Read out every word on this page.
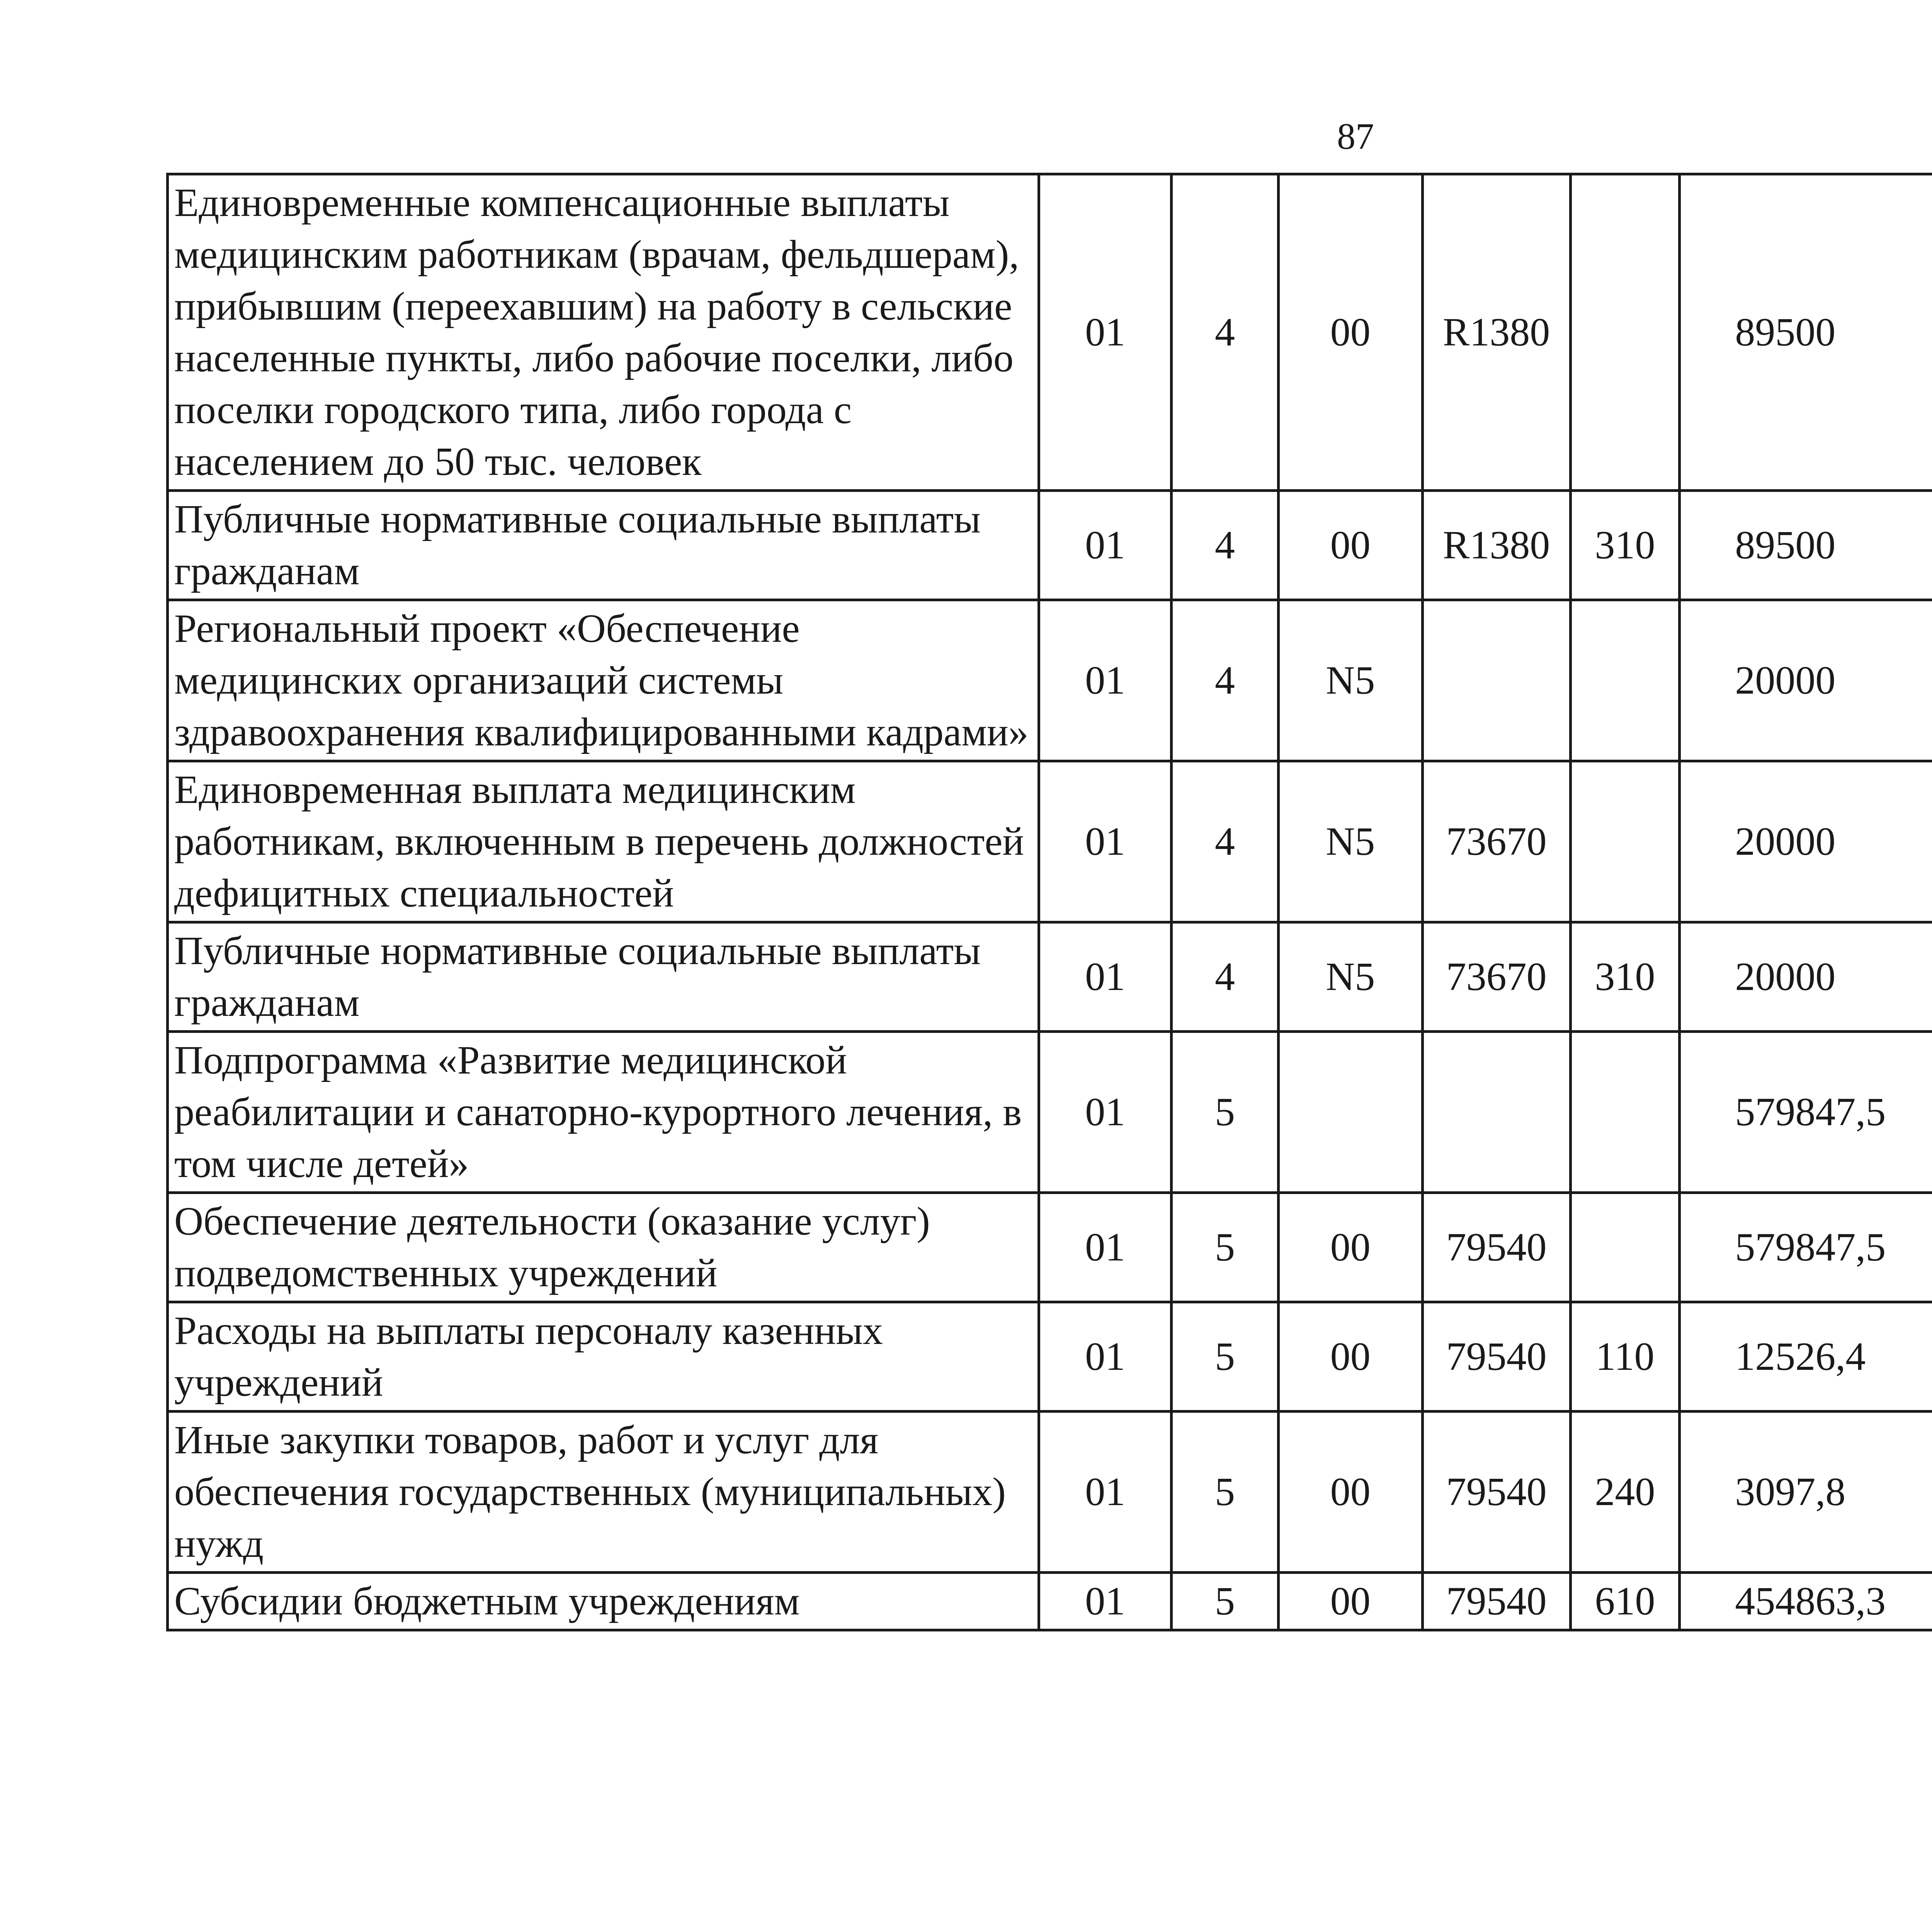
87
Единовременные компенсационные выплаты медицинским работникам (врачам, фельдшерам), прибывшим (переехавшим) на работу в сельские населенные пункты, либо рабочие поселки, либо поселки городского типа, либо города с населением до 50 тыс. человек	01	4	00	R1380		89500		
Публичные нормативные социальные выплаты гражданам	01	4	00	R1380	310	89500		
Региональный проект «Обеспечение медицинских организаций системы здравоохранения квалифицированными кадрами»	01	4	N5			20000		
Единовременная выплата медицинским работникам, включенным в перечень должностей дефицитных специальностей	01	4	N5	73670		20000		
Публичные нормативные социальные выплаты гражданам	01	4	N5	73670	310	20000		
Подпрограмма «Развитие медицинской реабилитации и санаторно-курортного лечения, в том числе детей»	01	5				579847,5		
Обеспечение деятельности (оказание услуг) подведомственных учреждений	01	5	00	79540		579847,5		
Расходы на выплаты персоналу казенных учреждений	01	5	00	79540	110	12526,4		
Иные закупки товаров, работ и услуг для обеспечения государственных (муниципальных) нужд	01	5	00	79540	240	3097,8		
Субсидии бюджетным учреждениям	01	5	00	79540	610	454863,3		
